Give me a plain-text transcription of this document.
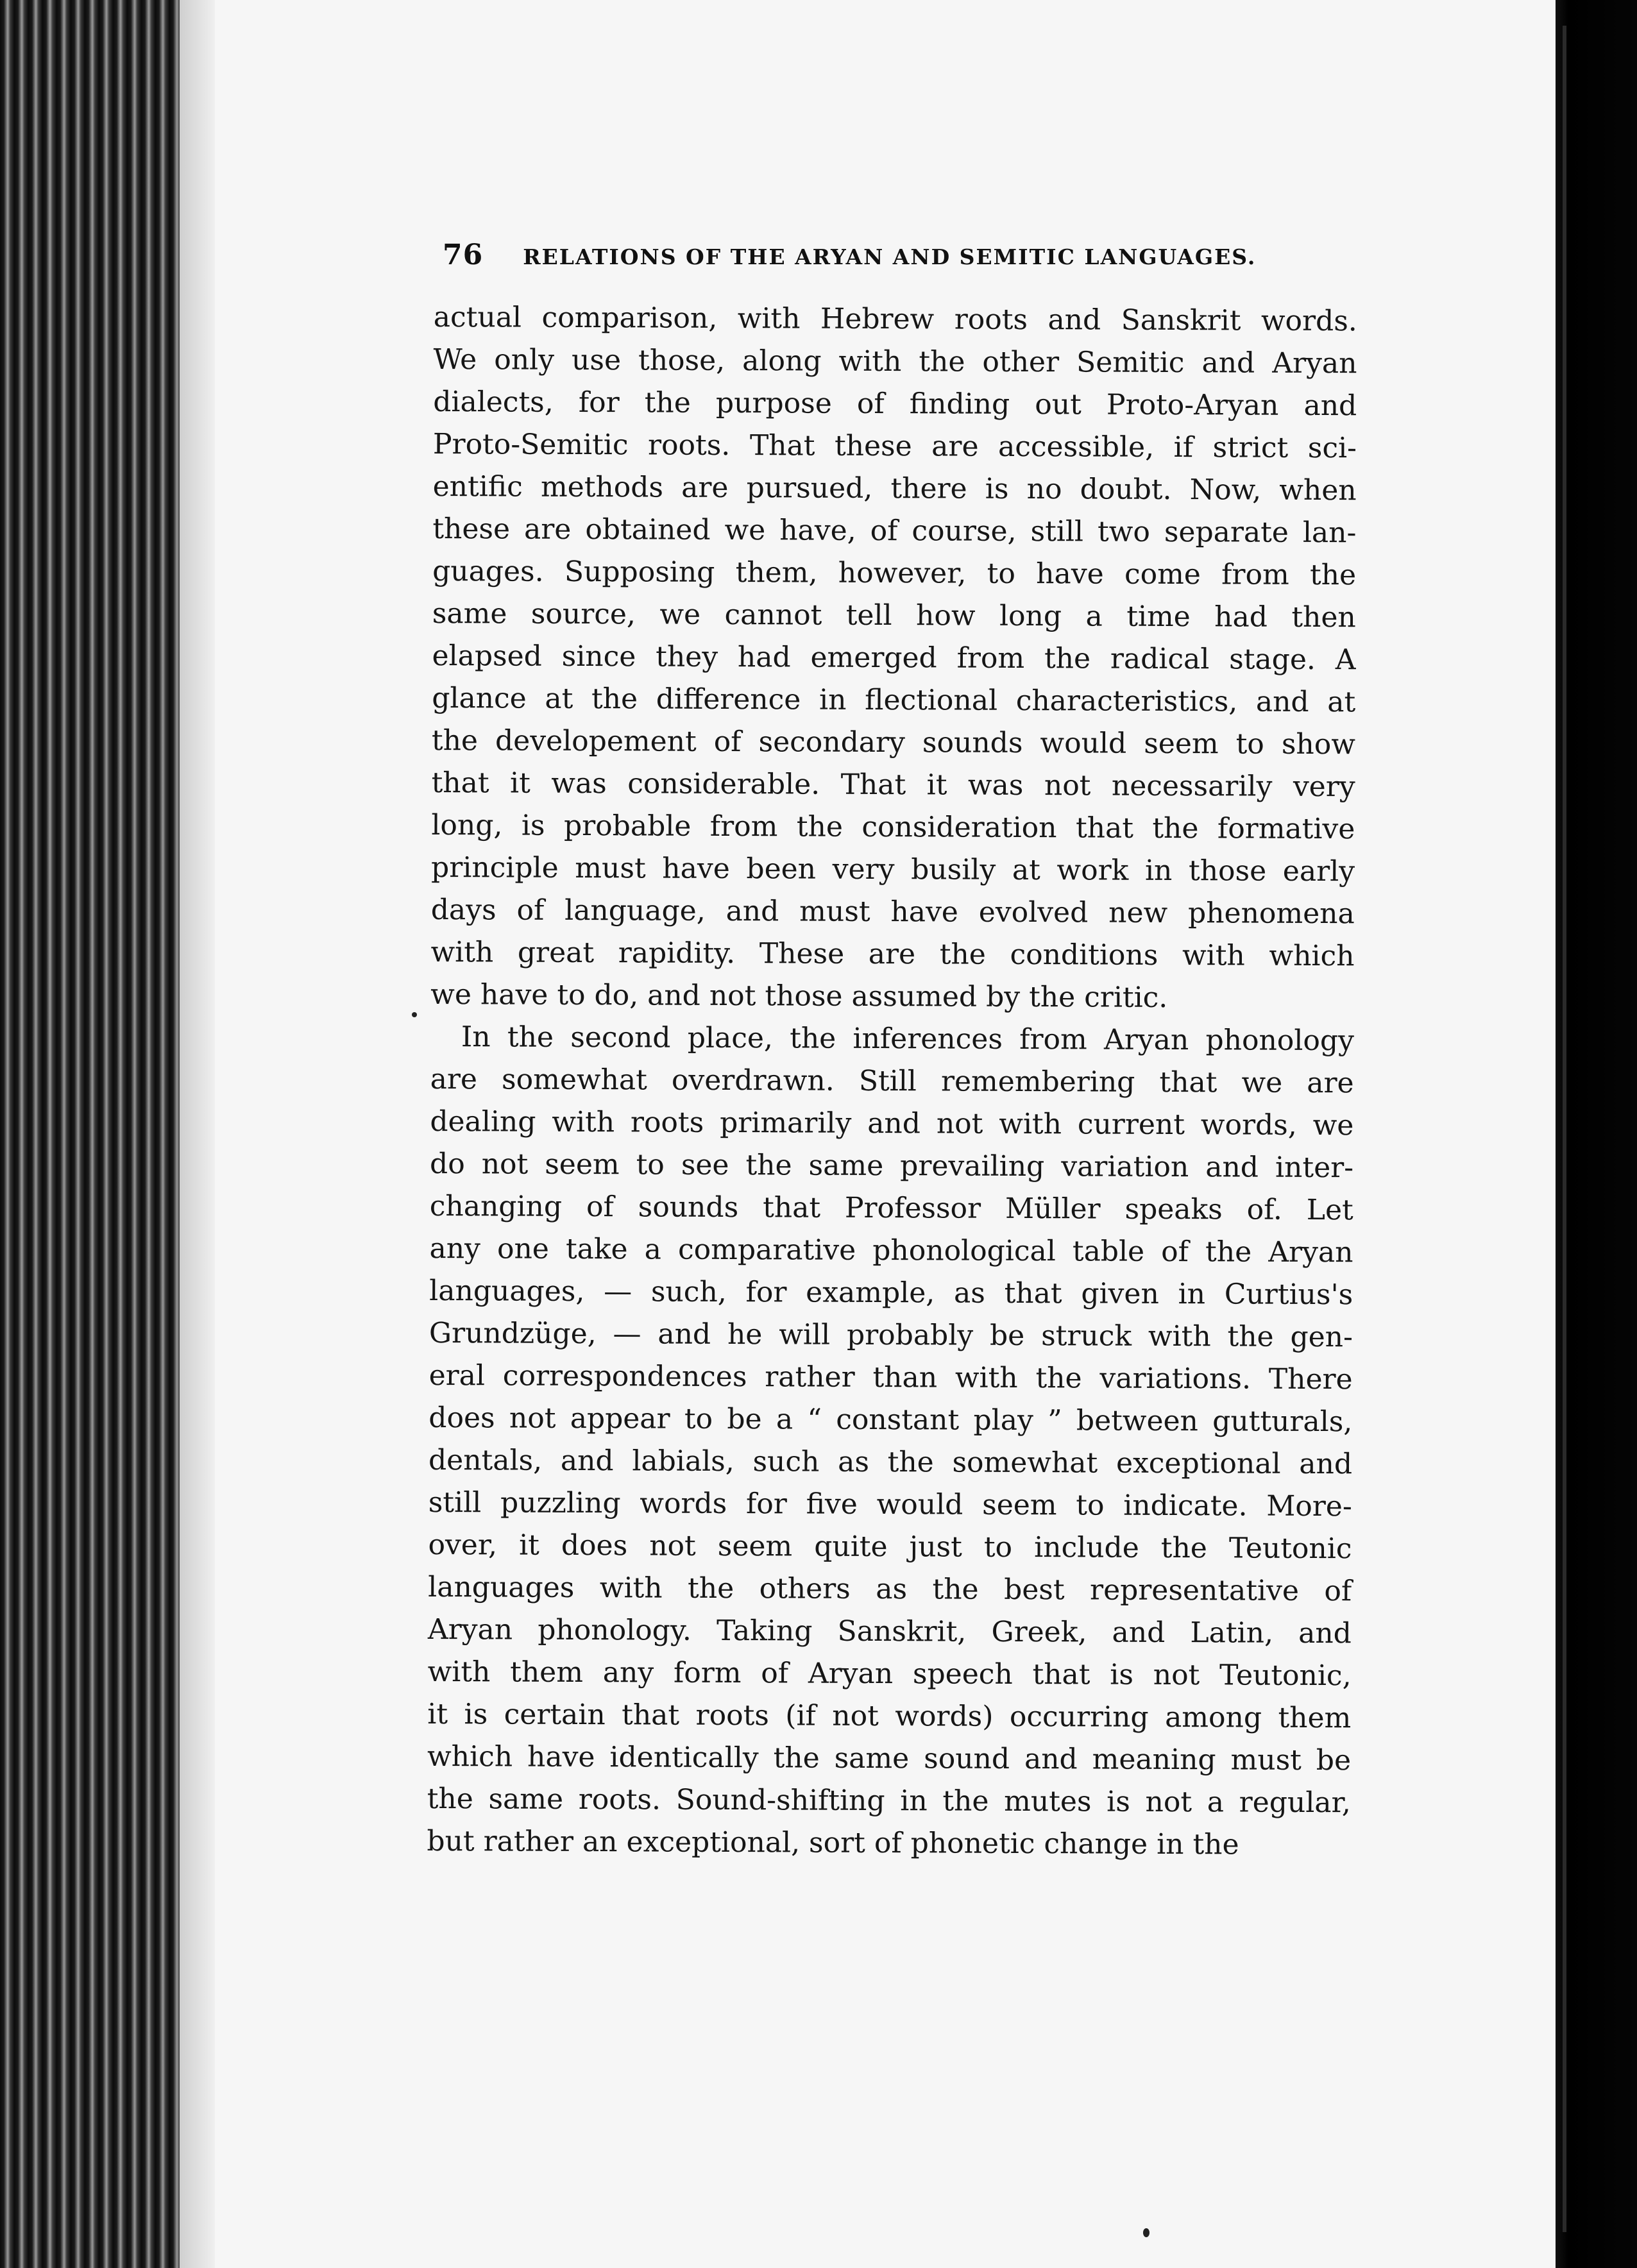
76 RELATIONS OF THE ARYAN AND SEMITIC LANGUAGES.

actual comparison, with Hebrew roots and Sanskrit words.
We only use those, along with the other Semitic and Aryan
dialects, for the purpose of finding out Proto-Aryan and
Proto-Semitic roots. That these are accessible, if strict sci-
entific methods are pursued, there is no doubt. Now, when
these are obtained we have, of course, still two separate lan-
guages. Supposing them, however, to have come from the
same source, we cannot tell how long a time had then
elapsed since they had emerged from the radical stage. A
glance at the difference in flectional characteristics, and at
the developement of secondary sounds would seem to show
that it was considerable. That it was not necessarily very
long, is probable from the consideration that the formative
principle must have been very busily at work in those early
days of language, and must have evolved new phenomena
with great rapidity. These are the conditions with which
we have to do, and not those assumed by the critic.

In the second place, the inferences from Aryan phonology
are somewhat overdrawn. Still remembering that we are
dealing with roots primarily and not with current words, we
do not seem to see the same prevailing variation and inter-
changing of sounds that Professor Müller speaks of. Let
any one take a comparative phonological table of the Aryan
languages, — such, for example, as that given in Curtius's
Grundzüge, — and he will probably be struck with the gen-
eral correspondences rather than with the variations. There
does not appear to be a “ constant play ” between gutturals,
dentals, and labials, such as the somewhat exceptional and
still puzzling words for five would seem to indicate. More-
over, it does not seem quite just to include the Teutonic
languages with the others as the best representative of
Aryan phonology. Taking Sanskrit, Greek, and Latin, and
with them any form of Aryan speech that is not Teutonic,
it is certain that roots (if not words) occurring among them
which have identically the same sound and meaning must be
the same roots. Sound-shifting in the mutes is not a regular,
but rather an exceptional, sort of phonetic change in the
